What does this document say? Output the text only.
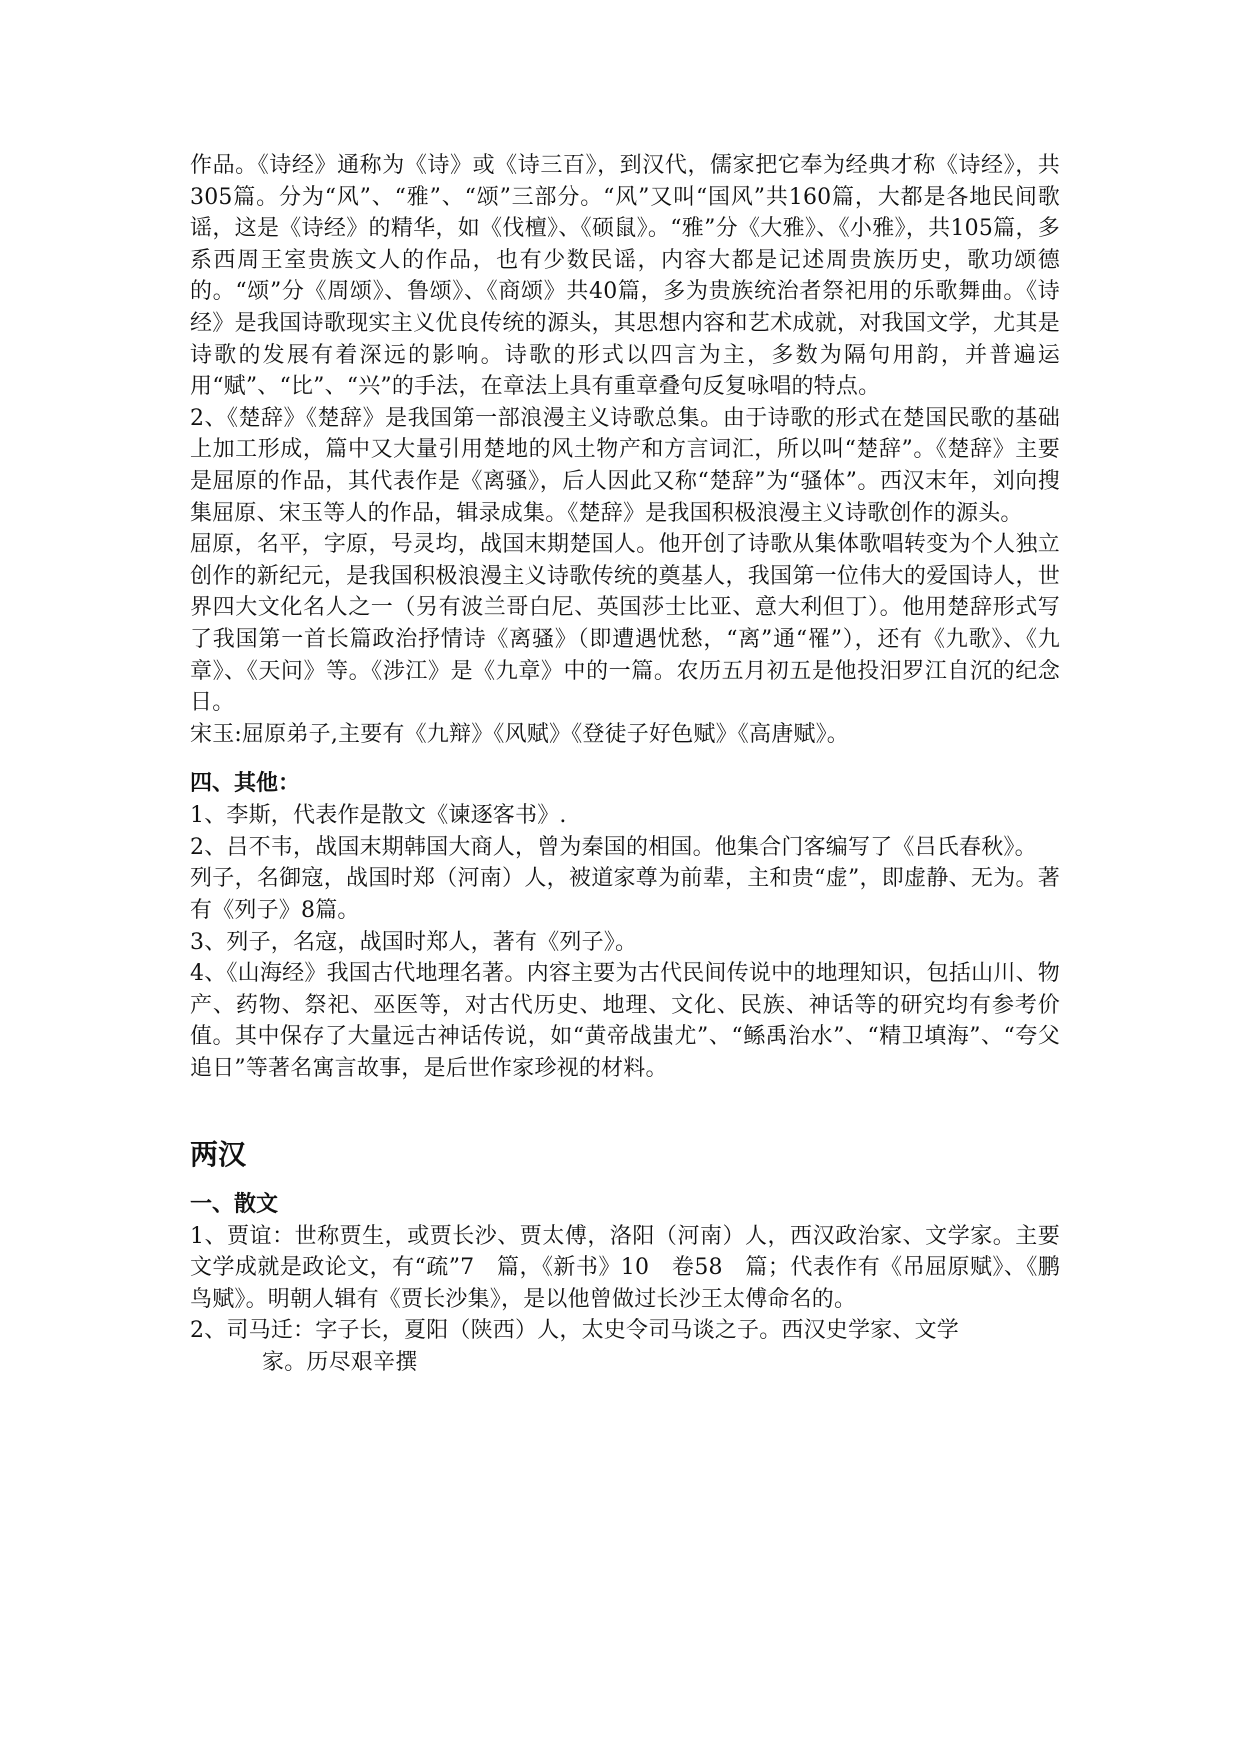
作品。《诗经》通称为《诗》或《诗三百》，到汉代，儒家把它奉为经典才称《诗经》，共305篇。分为“风”、“雅”、“颂”三部分。“风”又叫“国风”共160篇，大都是各地民间歌谣，这是《诗经》的精华，如《伐檀》、《硕鼠》。“雅”分《大雅》、《小雅》，共105篇，多系西周王室贵族文人的作品，也有少数民谣，内容大都是记述周贵族历史，歌功颂德的。“颂”分《周颂》、鲁颂》、《商颂》共40篇，多为贵族统治者祭祀用的乐歌舞曲。《诗经》是我国诗歌现实主义优良传统的源头，其思想内容和艺术成就，对我国文学，尤其是诗歌的发展有着深远的影响。诗歌的形式以四言为主，多数为隔句用韵，并普遍运用“赋”、“比”、“兴”的手法，在章法上具有重章叠句反复咏唱的特点。

2、《楚辞》《楚辞》是我国第一部浪漫主义诗歌总集。由于诗歌的形式在楚国民歌的基础上加工形成，篇中又大量引用楚地的风土物产和方言词汇，所以叫“楚辞”。《楚辞》主要是屈原的作品，其代表作是《离骚》，后人因此又称“楚辞”为“骚体”。西汉末年，刘向搜集屈原、宋玉等人的作品，辑录成集。《楚辞》是我国积极浪漫主义诗歌创作的源头。

屈原，名平，字原，号灵均，战国末期楚国人。他开创了诗歌从集体歌唱转变为个人独立创作的新纪元，是我国积极浪漫主义诗歌传统的奠基人，我国第一位伟大的爱国诗人，世界四大文化名人之一（另有波兰哥白尼、英国莎士比亚、意大利但丁）。他用楚辞形式写了我国第一首长篇政治抒情诗《离骚》（即遭遇忧愁，“离”通“罹”），还有《九歌》、《九章》、《天问》等。《涉江》是《九章》中的一篇。农历五月初五是他投汨罗江自沉的纪念日。

宋玉:屈原弟子,主要有《九辩》《风赋》《登徒子好色赋》《高唐赋》。

四、其他：

1、李斯，代表作是散文《谏逐客书》.

2、吕不韦，战国末期韩国大商人，曾为秦国的相国。他集合门客编写了《吕氏春秋》。

列子，名御寇，战国时郑（河南）人，被道家尊为前辈，主和贵“虚”，即虚静、无为。著有《列子》8篇。

3、列子，名寇，战国时郑人，著有《列子》。

4、《山海经》我国古代地理名著。内容主要为古代民间传说中的地理知识，包括山川、物产、药物、祭祀、巫医等，对古代历史、地理、文化、民族、神话等的研究均有参考价值。其中保存了大量远古神话传说，如“黄帝战蚩尤”、“鲧禹治水”、“精卫填海”、“夸父追日”等著名寓言故事，是后世作家珍视的材料。

两汉
一、散文

1、贾谊：世称贾生，或贾长沙、贾太傅，洛阳（河南）人，西汉政治家、文学家。主要文学成就是政论文，有“疏”7　篇，《新书》10　卷58　篇；代表作有《吊屈原赋》、《鹏鸟赋》。明朝人辑有《贾长沙集》，是以他曾做过长沙王太傅命名的。

2、司马迁：字子长，夏阳（陕西）人，太史令司马谈之子。西汉史学家、文学

家。历尽艰辛撰
